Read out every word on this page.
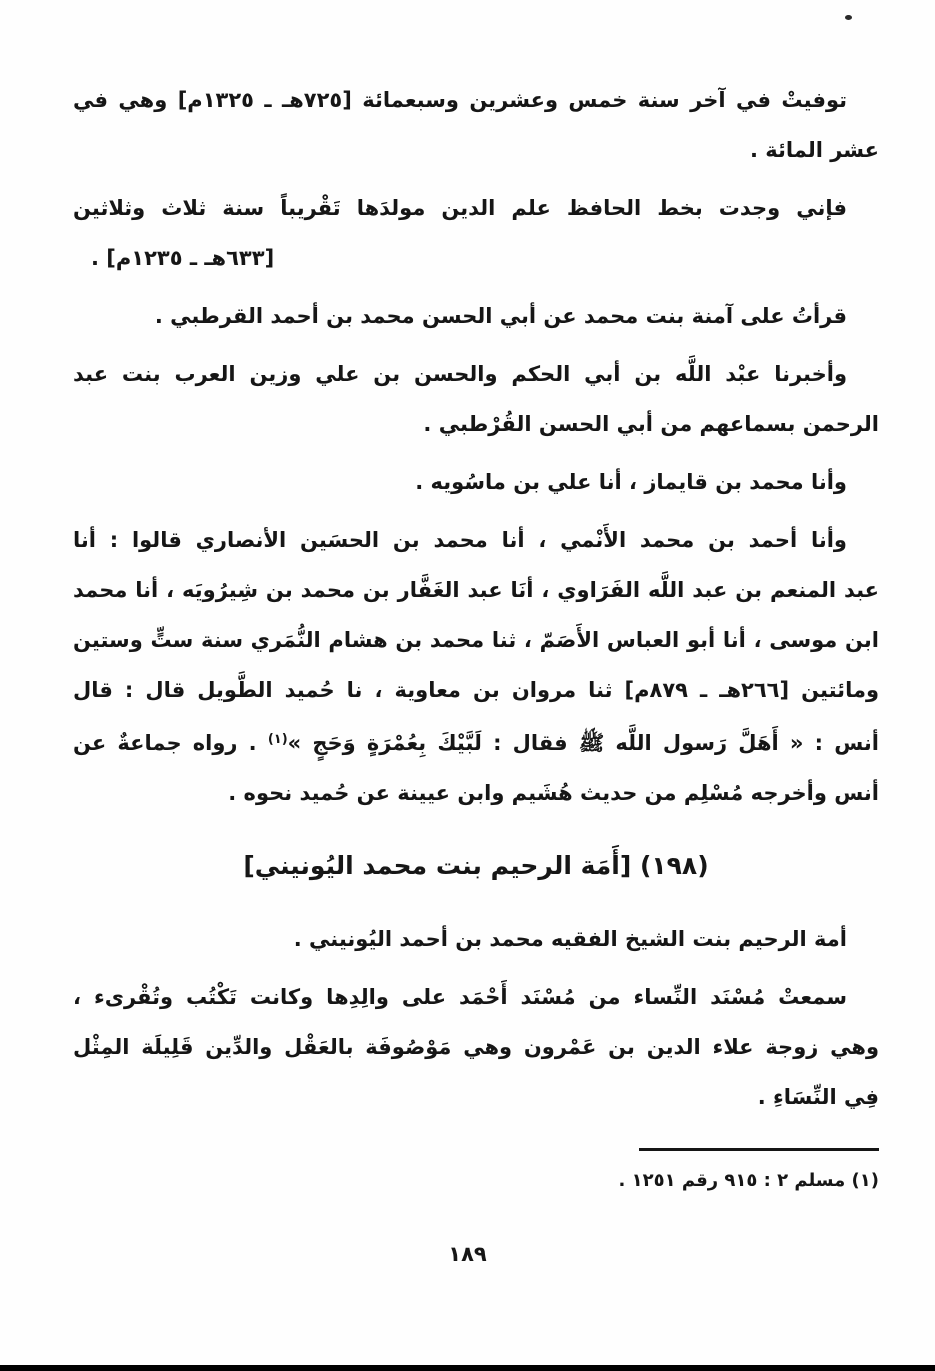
توفيتْ في آخر سنة خمس وعشرين وسبعمائة [٧٢٥هـ ـ ١٣٢٥م] وهي في
عشر المائة .
فإني وجدت بخط الحافظ علم الدين مولدَها تَقْريباً سنة ثلاث وثلاثين
[٦٣٣هـ ـ ١٢٣٥م] .
قرأتُ على آمنة بنت محمد عن أبي الحسن محمد بن أحمد القرطبي .
وأخبرنا عبْد اللَّه بن أبي الحكم والحسن بن علي وزين العرب بنت عبد
الرحمن بسماعهم من أبي الحسن القُرْطبي .
وأنا محمد بن قايماز ، أنا علي بن ماسُويه .
وأنا أحمد بن محمد الأَنْمي ، أنا محمد بن الحسَين الأنصاري قالوا : أنا
عبد المنعم بن عبد اللَّه الفَرَاوي ، أنَا عبد الغَفَّار بن محمد بن شِيرُويَه ، أنا محمد
ابن موسى ، أنا أبو العباس الأَصَمّ ، ثنا محمد بن هشام النُّمَري سنة ستٍّ وستين
ومائتين [٢٦٦هـ ـ ٨٧٩م] ثنا مروان بن معاوية ، نا حُميد الطَّويل قال : قال
أنس : « أَهَلَّ رَسول اللَّه ﷺ فقال : لَبَّيْكَ بِعُمْرَةٍ وَحَجٍ »$^{(١)}$ . رواه جماعةٌ عن
أنس وأخرجه مُسْلِم من حديث هُشَيم وابن عيينة عن حُميد نحوه .
(١٩٨) [أَمَة الرحيم بنت محمد اليُونيني]
أمة الرحيم بنت الشيخ الفقيه محمد بن أحمد اليُونيني .
سمعتْ مُسْنَد النِّساء من مُسْنَد أَحْمَد على والِدِها وكانت تَكْتُب وتُقْرىء ،
وهي زوجة علاء الدين بن عَمْرون وهي مَوْصُوفَة بالعَقْل والدِّين قَلِيلَة المِثْل
فِي النِّسَاءِ .
(١) مسلم ٢ : ٩١٥ رقم ١٢٥١ .
١٨٩
